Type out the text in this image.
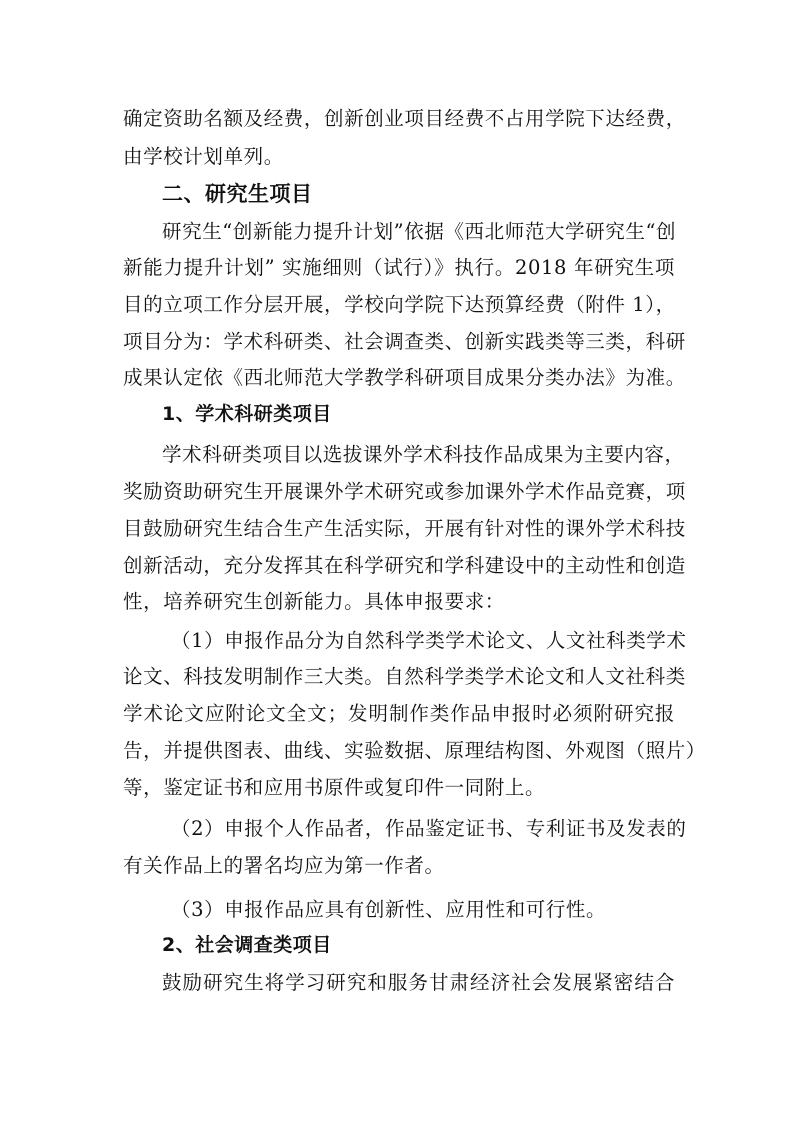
确定资助名额及经费，创新创业项目经费不占用学院下达经费，
由学校计划单列。
二、研究生项目
研究生“创新能力提升计划”依据《西北师范大学研究生“创
新能力提升计划” 实施细则（试行）》执行。2018 年研究生项
目的立项工作分层开展，学校向学院下达预算经费（附件 1），
项目分为：学术科研类、社会调查类、创新实践类等三类，科研
成果认定依《西北师范大学教学科研项目成果分类办法》为准。
1、学术科研类项目
学术科研类项目以选拔课外学术科技作品成果为主要内容，
奖励资助研究生开展课外学术研究或参加课外学术作品竞赛，项
目鼓励研究生结合生产生活实际，开展有针对性的课外学术科技
创新活动，充分发挥其在科学研究和学科建设中的主动性和创造
性，培养研究生创新能力。具体申报要求：
（1）申报作品分为自然科学类学术论文、人文社科类学术
论文、科技发明制作三大类。自然科学类学术论文和人文社科类
学术论文应附论文全文；发明制作类作品申报时必须附研究报
告，并提供图表、曲线、实验数据、原理结构图、外观图（照片）
等，鉴定证书和应用书原件或复印件一同附上。
（2）申报个人作品者，作品鉴定证书、专利证书及发表的
有关作品上的署名均应为第一作者。
（3）申报作品应具有创新性、应用性和可行性。
2、社会调查类项目
鼓励研究生将学习研究和服务甘肃经济社会发展紧密结合
